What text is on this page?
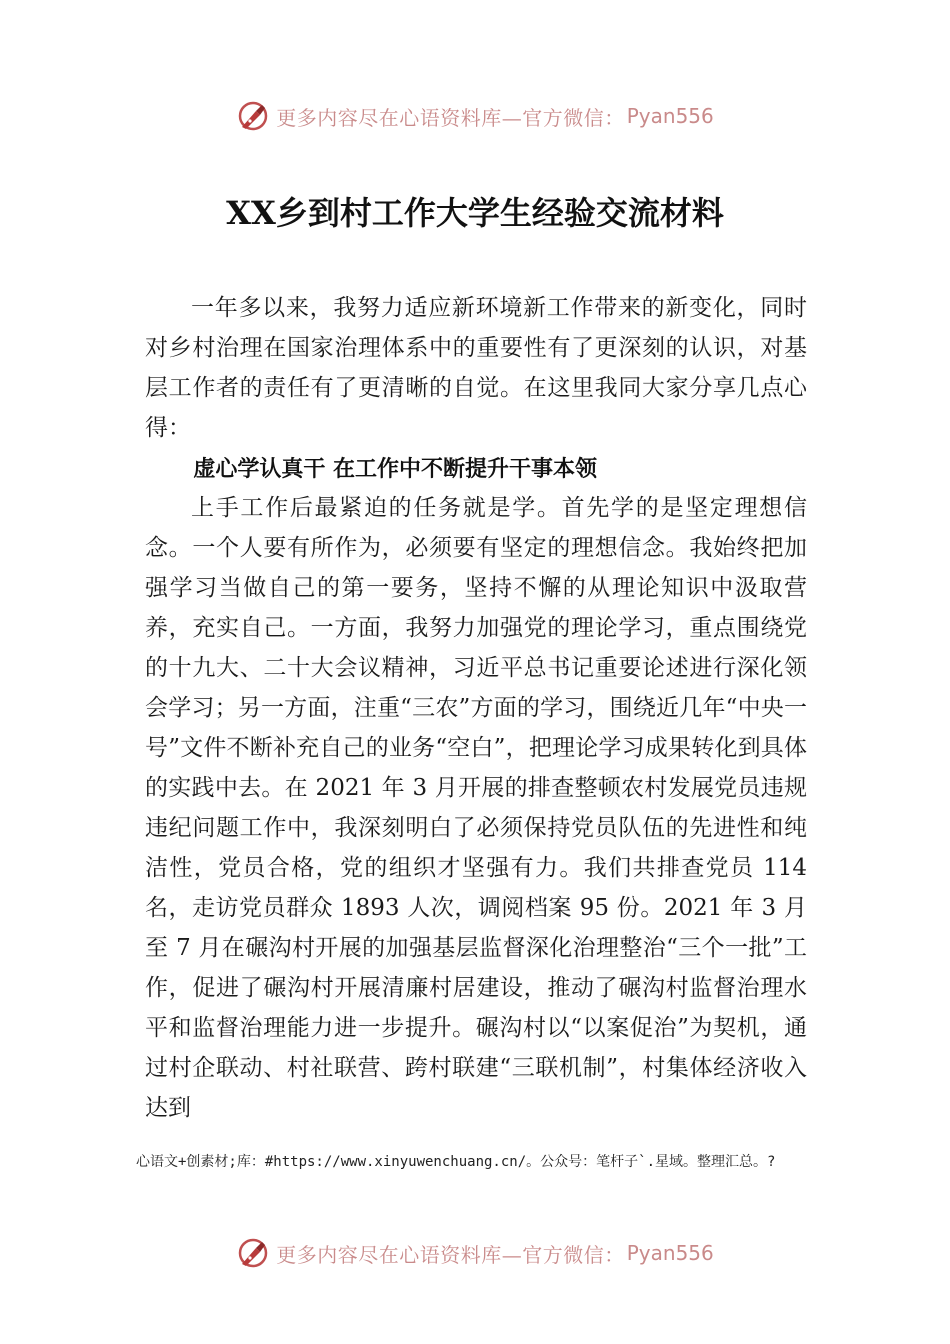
更多内容尽在心语资料库—官方微信： Pyan556
XX乡到村工作大学生经验交流材料

一年多以来，我努力适应新环境新工作带来的新变化，同时对乡村治理在国家治理体系中的重要性有了更深刻的认识，对基层工作者的责任有了更清晰的自觉。在这里我同大家分享几点心得：

虚心学认真干 在工作中不断提升干事本领

上手工作后最紧迫的任务就是学。首先学的是坚定理想信念。一个人要有所作为，必须要有坚定的理想信念。我始终把加强学习当做自己的第一要务，坚持不懈的从理论知识中汲取营养，充实自己。一方面，我努力加强党的理论学习，重点围绕党的十九大、二十大会议精神，习近平总书记重要论述进行深化领会学习；另一方面，注重“三农”方面的学习，围绕近几年“中央一号”文件不断补充自己的业务“空白”，把理论学习成果转化到具体的实践中去。在 2021 年 3 月开展的排查整顿农村发展党员违规违纪问题工作中，我深刻明白了必须保持党员队伍的先进性和纯洁性，党员合格，党的组织才坚强有力。我们共排查党员 114 名，走访党员群众 1893 人次，调阅档案 95 份。2021 年 3 月至 7 月在碾沟村开展的加强基层监督深化治理整治“三个一批”工作，促进了碾沟村开展清廉村居建设，推动了碾沟村监督治理水平和监督治理能力进一步提升。碾沟村以“以案促治”为契机，通过村企联动、村社联营、跨村联建“三联机制”，村集体经济收入达到

心语文+创素材;库：#https://www.xinyuwenchuang.cn/。公众号：笔杆子`.星域。整理汇总。?
更多内容尽在心语资料库—官方微信： Pyan556
